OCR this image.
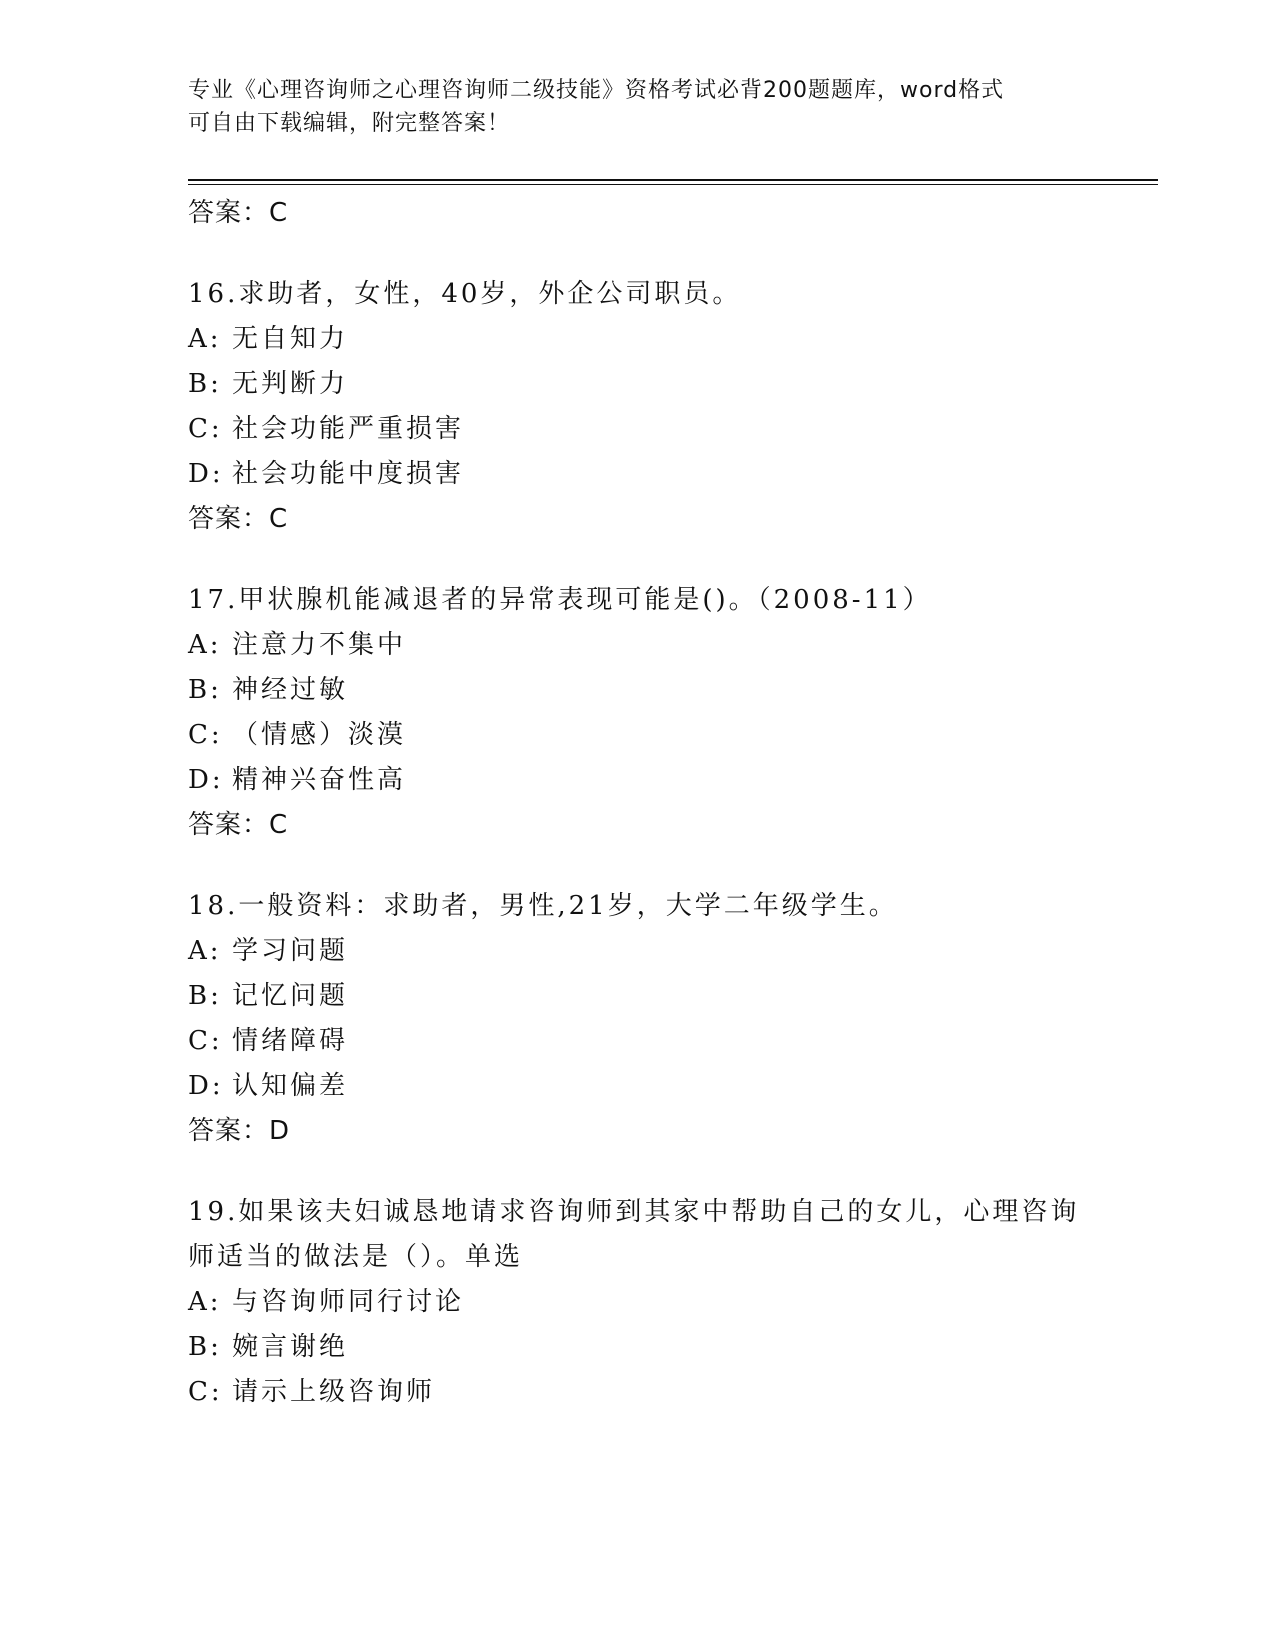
专业《心理咨询师之心理咨询师二级技能》资格考试必背200题题库，word格式
可自由下载编辑，附完整答案！
答案：C
16.求助者，女性，40岁，外企公司职员。
A: 无自知力
B: 无判断力
C: 社会功能严重损害
D: 社会功能中度损害
答案：C
17.甲状腺机能减退者的异常表现可能是()。（2008-11）
A: 注意力不集中
B: 神经过敏
C: （情感）淡漠
D: 精神兴奋性高
答案：C
18.一般资料：求助者，男性,21岁，大学二年级学生。
A: 学习问题
B: 记忆问题
C: 情绪障碍
D: 认知偏差
答案：D
19.如果该夫妇诚恳地请求咨询师到其家中帮助自己的女儿，心理咨询
师适当的做法是（）。单选
A: 与咨询师同行讨论
B: 婉言谢绝
C: 请示上级咨询师
